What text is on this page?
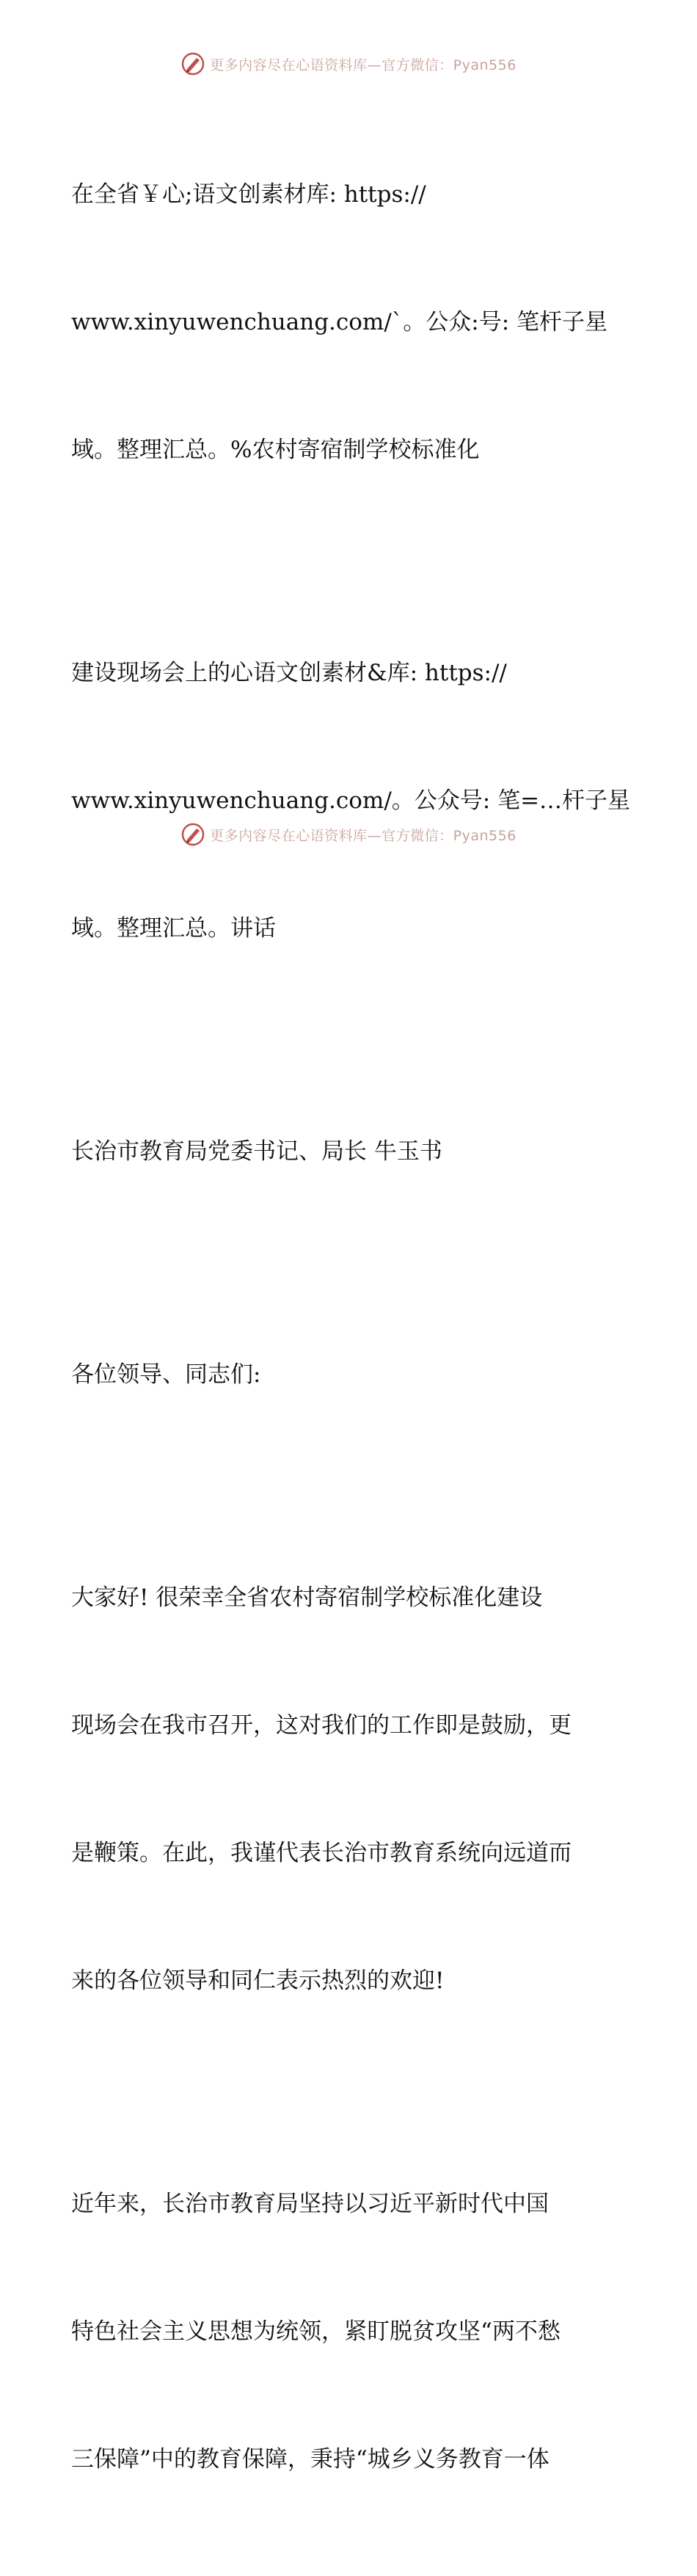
更多内容尽在心语资料库—官方微信：Pyan556

在全省￥心;语文创素材库: https://

www.xinyuwenchuang.com/`。公众:号: 笔杆子星

域。整理汇总。%农村寄宿制学校标准化

建设现场会上的心语文创素材&库: https://

www.xinyuwenchuang.com/。公众号: 笔=…杆子星

域。整理汇总。讲话

长治市教育局党委书记、局长 牛玉书

各位领导、同志们:

大家好! 很荣幸全省农村寄宿制学校标准化建设

现场会在我市召开，这对我们的工作即是鼓励，更

是鞭策。在此，我谨代表长治市教育系统向远道而

来的各位领导和同仁表示热烈的欢迎!

近年来，长治市教育局坚持以习近平新时代中国

特色社会主义思想为统领，紧盯脱贫攻坚“两不愁

三保障”中的教育保障，秉持“城乡义务教育一体

更多内容尽在心语资料库—官方微信：Pyan556
